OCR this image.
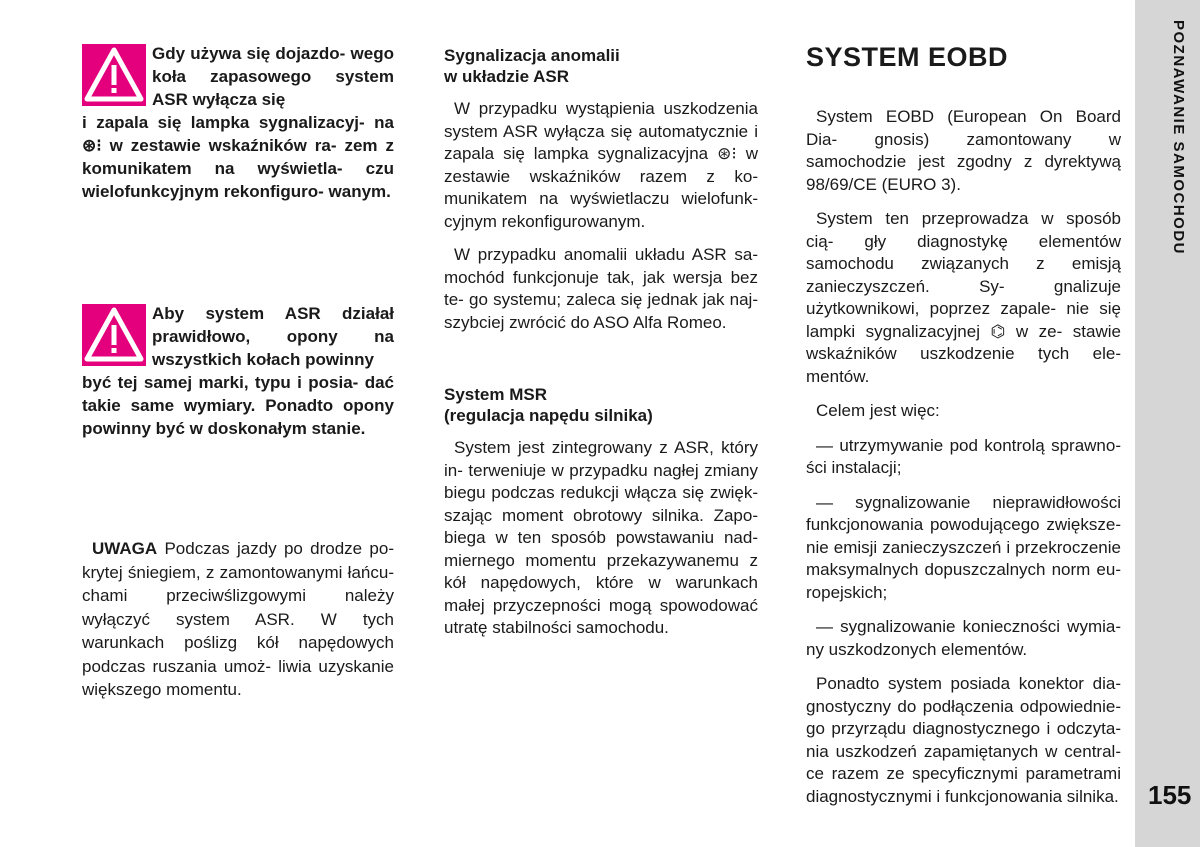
POZNAWANIE SAMOCHODU
155
Gdy używa się dojazdo- wego koła zapasowego system ASR wyłącza się
i zapala się lampka sygnalizacyj- na ⊛⁝ w zestawie wskaźników ra- zem z komunikatem na wyświetla- czu wielofunkcyjnym rekonfiguro- wanym.
Aby system ASR działał prawidłowo, opony na wszystkich kołach powinny
być tej samej marki, typu i posia- dać takie same wymiary. Ponadto opony powinny być w doskonałym stanie.

UWAGA Podczas jazdy po drodze po- krytej śniegiem, z zamontowanymi łańcu- chami przeciwślizgowymi należy wyłączyć system ASR. W tych warunkach poślizg kół napędowych podczas ruszania umoż- liwia uzyskanie większego momentu.

Sygnalizacja anomalii

w układzie ASR

W przypadku wystąpienia uszkodzenia system ASR wyłącza się automatycznie i zapala się lampka sygnalizacyjna ⊛⁝ w zestawie wskaźników razem z ko- munikatem na wyświetlaczu wielofunk- cyjnym rekonfigurowanym.

W przypadku anomalii układu ASR sa- mochód funkcjonuje tak, jak wersja bez te- go systemu; zaleca się jednak jak naj- szybciej zwrócić do ASO Alfa Romeo.

System MSR

(regulacja napędu silnika)

System jest zintegrowany z ASR, który in- terweniuje w przypadku nagłej zmiany biegu podczas redukcji włącza się zwięk- szając moment obrotowy silnika. Zapo- biega w ten sposób powstawaniu nad- miernego momentu przekazywanemu z kół napędowych, które w warunkach małej przyczepności mogą spowodować utratę stabilności samochodu.

SYSTEM EOBD

System EOBD (European On Board Dia- gnosis) zamontowany w samochodzie jest zgodny z dyrektywą 98/69/CE (EURO 3).

System ten przeprowadza w sposób cią- gły diagnostykę elementów samochodu związanych z emisją zanieczyszczeń. Sy- gnalizuje użytkownikowi, poprzez zapale- nie się lampki sygnalizacyjnej ⌬ w ze- stawie wskaźników uszkodzenie tych ele- mentów.

Celem jest więc:

— utrzymywanie pod kontrolą sprawno- ści instalacji;

— sygnalizowanie nieprawidłowości funkcjonowania powodującego zwiększe- nie emisji zanieczyszczeń i przekroczenie maksymalnych dopuszczalnych norm eu- ropejskich;

— sygnalizowanie konieczności wymia- ny uszkodzonych elementów.

Ponadto system posiada konektor dia- gnostyczny do podłączenia odpowiednie- go przyrządu diagnostycznego i odczyta- nia uszkodzeń zapamiętanych w central- ce razem ze specyficznymi parametrami diagnostycznymi i funkcjonowania silnika.
